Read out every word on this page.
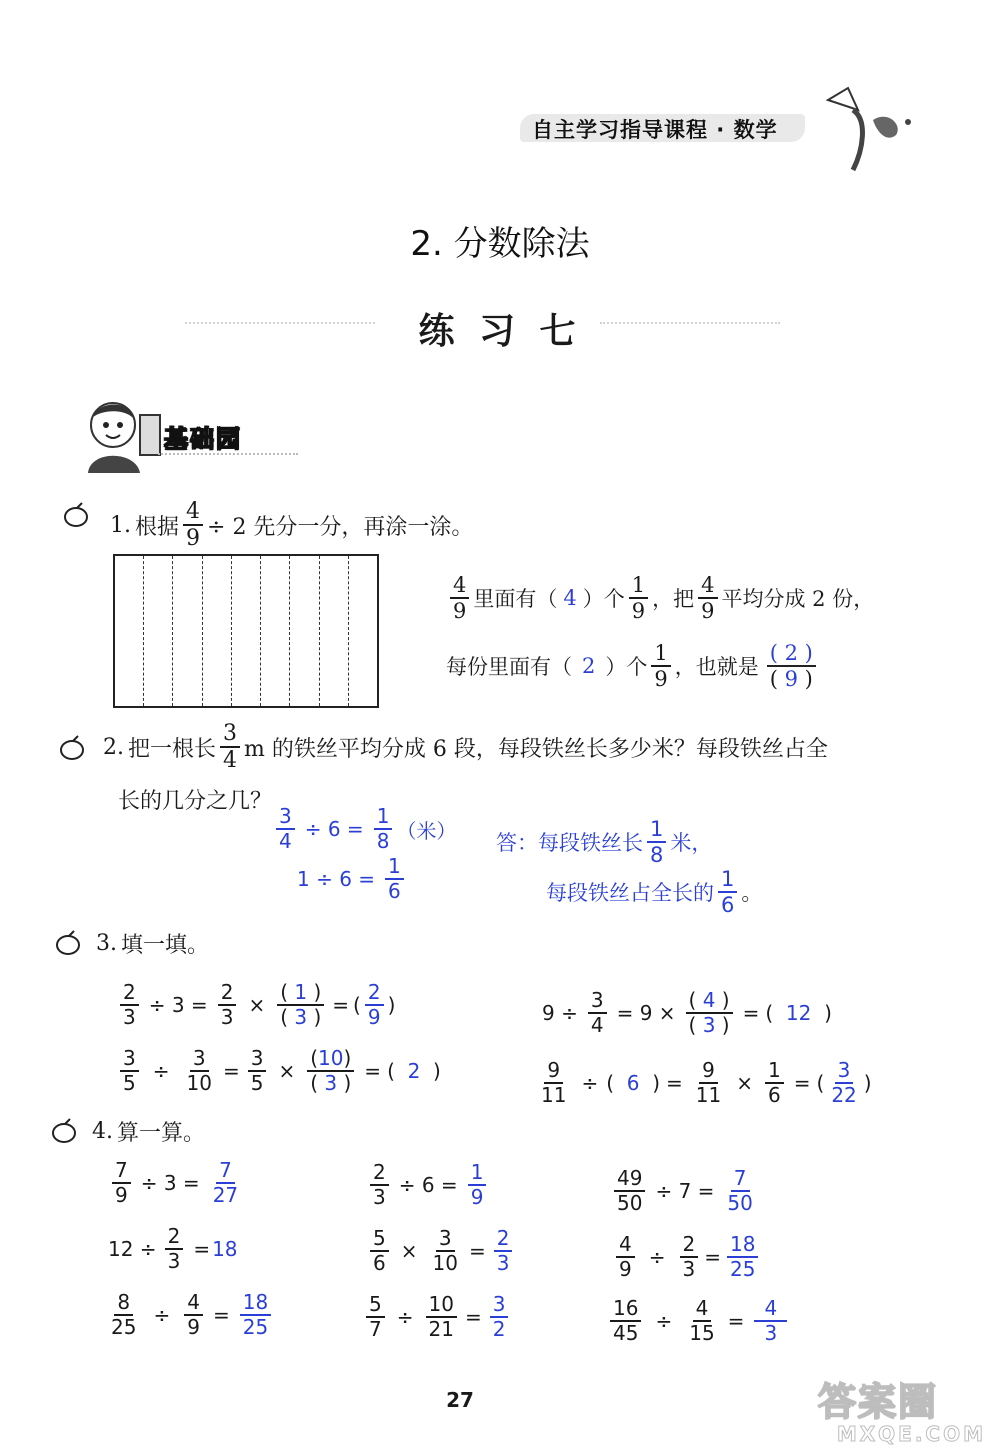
自主学习指导课程 · 数学
2. 分数除法
练 习 七
基础园
1. 根据 $\frac{4}{9} \div 2$ 先分一分，再涂一涂。
$\frac{4}{9}$ 里面有（ 4 ）个 $\frac{1}{9}$ ，把 $\frac{4}{9}$ 平均分成 2 份，
每份里面有（ 2 ）个 $\frac{1}{9}$ ，也就是 $\frac{( 2 )}{( 9 )}$
2. 把一根长 $\frac{3}{4}$ m 的铁丝平均分成 6 段，每段铁丝长多少米？每段铁丝占全
长的几分之几？
$\frac{3}{4} \div 6 = \frac{1}{8}$ （米）
$1 \div 6 = \frac{1}{6}$
答：每段铁丝长 $\frac{1}{8}$ 米，
每段铁丝占全长的 $\frac{1}{6}$ 。
3. 填一填。
$\frac{2}{3} \div 3 = \frac{2}{3} \times \frac{( 1 )}{( 3 )}$ = ( $\frac{2}{9}$ )	$9 \div \frac{3}{4} = 9 \times \frac{( 4 )}{( 3 )}$ = (  12  )
$\frac{3}{5} \div \frac{3}{10} = \frac{3}{5} \times \frac{(10)}{( 3 )}$ = (  2  )	$\frac{9}{11}$ ÷ (  6  ) = $\frac{9}{11} \times \frac{1}{6}$ = ( $\frac{3}{22}$ )
4. 算一算。
$\frac{7}{9} \div 3 = \frac{7}{27}$	$\frac{2}{3} \div 6 = \frac{1}{9}$	$\frac{49}{50} \div 7 = \frac{7}{50}$
$12 \div \frac{2}{3} = 18$	$\frac{5}{6} \times \frac{3}{10} = \frac{2}{3}$	$\frac{4}{9} \div \frac{2}{3} = \frac{18}{25}$
$\frac{8}{25} \div \frac{4}{9} = \frac{18}{25}$	$\frac{5}{7} \div \frac{10}{21} = \frac{3}{2}$	$\frac{16}{45} \div \frac{4}{15} = \frac{4}{3}$
27	答案圈
MXQE.COM
